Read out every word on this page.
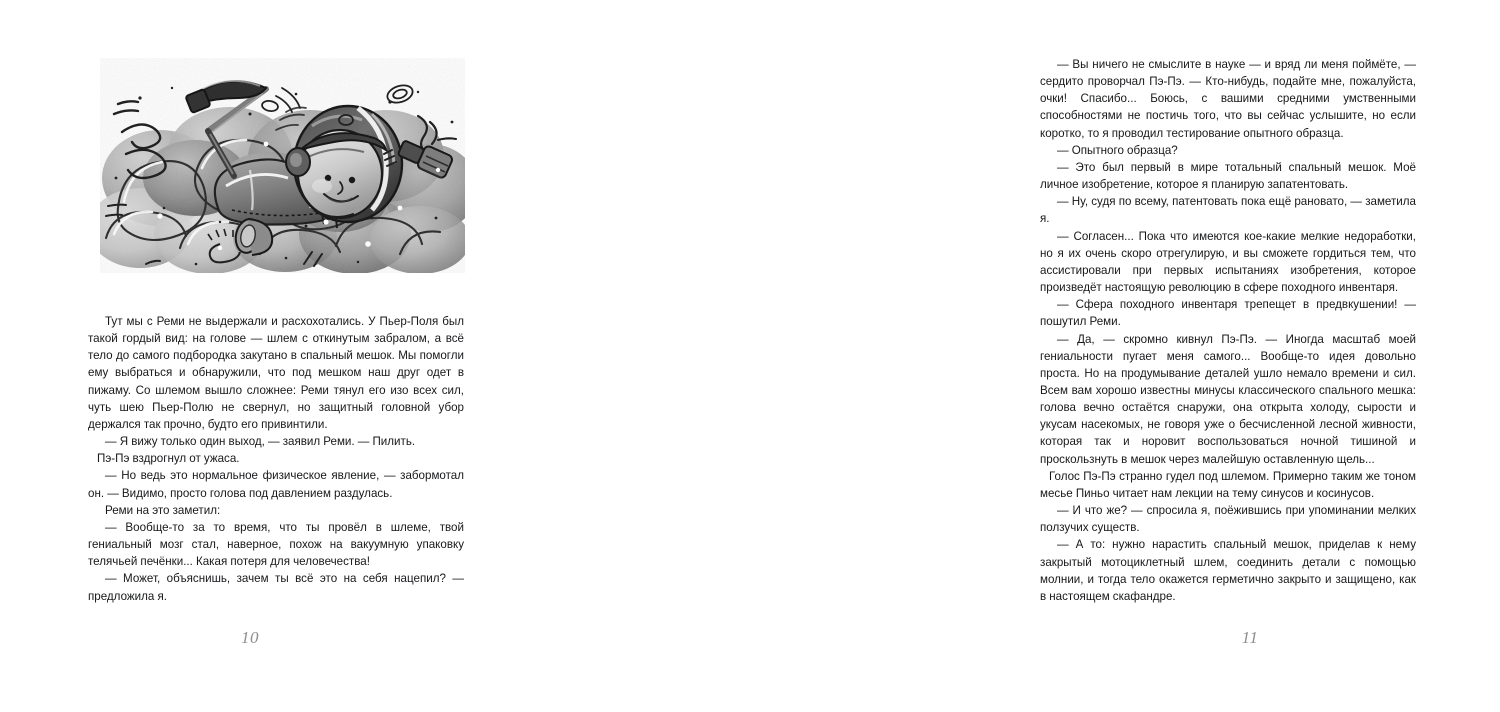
Тут мы с Реми не выдержали и расхохотались. У Пьер-Поля был такой гордый вид: на голове — шлем с откинутым забралом, а всё тело до самого подбородка закутано в спальный мешок. Мы помогли ему выбраться и обнаружили, что под мешком наш друг одет в пижаму. Со шлемом вышло сложнее: Реми тянул его изо всех сил, чуть шею Пьер-Полю не свернул, но защитный головной убор держался так прочно, будто его привинтили.

— Я вижу только один выход, — заявил Реми. — Пилить.

Пэ-Пэ вздрогнул от ужаса.

— Но ведь это нормальное физическое явление, — забормотал он. — Видимо, просто голова под давлением раздулась.

Реми на это заметил:

— Вообще-то за то время, что ты провёл в шлеме, твой гениальный мозг стал, наверное, похож на вакуумную упаковку телячьей печёнки... Какая потеря для человечества!

— Может, объяснишь, зачем ты всё это на себя нацепил? — предложила я.

10

— Вы ничего не смыслите в науке — и вряд ли меня поймёте, — сердито проворчал Пэ-Пэ. — Кто-нибудь, подайте мне, пожалуйста, очки! Спасибо... Боюсь, с вашими средними умственными способностями не постичь того, что вы сейчас услышите, но если коротко, то я проводил тестирование опытного образца.

— Опытного образца?

— Это был первый в мире тотальный спальный мешок. Моё личное изобретение, которое я планирую запатентовать.

— Ну, судя по всему, патентовать пока ещё рановато, — заметила я.

— Согласен... Пока что имеются кое-какие мелкие недоработки, но я их очень скоро отрегулирую, и вы сможете гордиться тем, что ассистировали при первых испытаниях изобретения, которое произведёт настоящую революцию в сфере походного инвентаря.

— Сфера походного инвентаря трепещет в предвкушении! — пошутил Реми.

— Да, — скромно кивнул Пэ-Пэ. — Иногда масштаб моей гениальности пугает меня самого... Вообще-то идея довольно проста. Но на продумывание деталей ушло немало времени и сил. Всем вам хорошо известны минусы классического спального мешка: голова вечно остаётся снаружи, она открыта холоду, сырости и укусам насекомых, не говоря уже о бесчисленной лесной живности, которая так и норовит воспользоваться ночной тишиной и проскользнуть в мешок через малейшую оставленную щель...

Голос Пэ-Пэ странно гудел под шлемом. Примерно таким же тоном месье Пиньо читает нам лекции на тему синусов и косинусов.

— И что же? — спросила я, поёжившись при упоминании мелких ползучих существ.

— А то: нужно нарастить спальный мешок, приделав к нему закрытый мотоциклетный шлем, соединить детали с помощью молнии, и тогда тело окажется герметично закрыто и защищено, как в настоящем скафандре.

11
